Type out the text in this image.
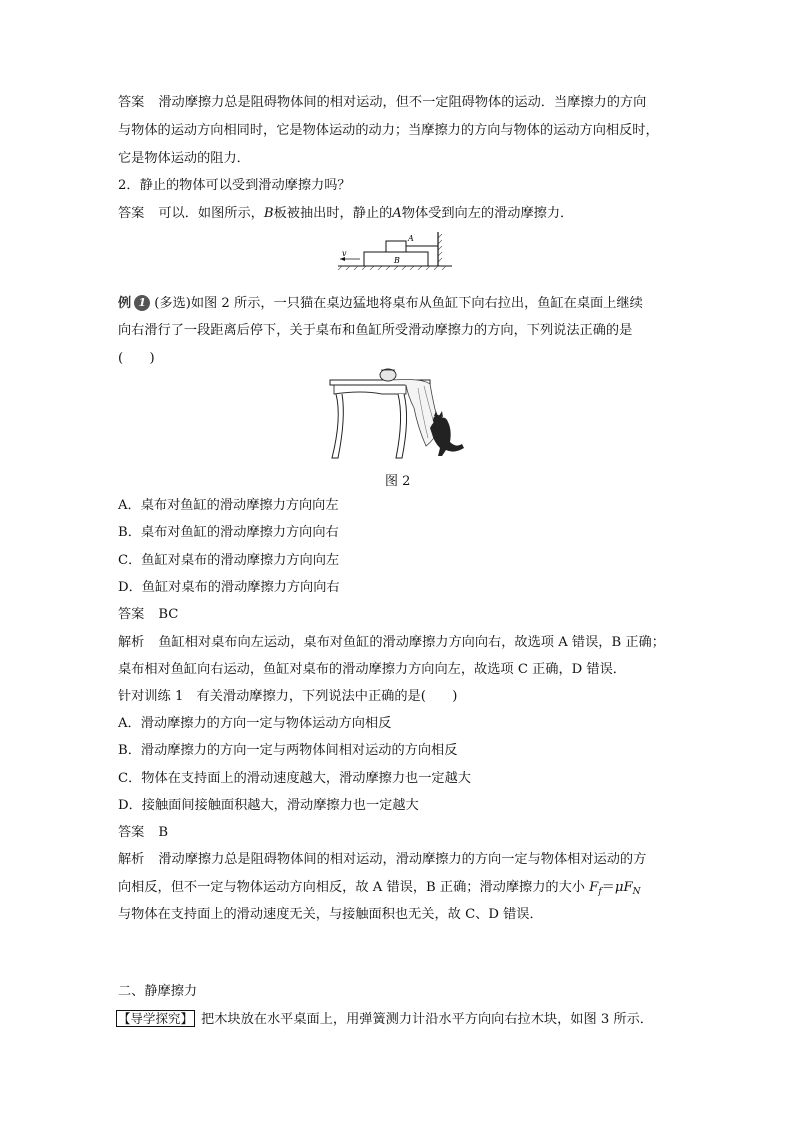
答案 滑动摩擦力总是阻碍物体间的相对运动，但不一定阻碍物体的运动．当摩擦力的方向
与物体的运动方向相同时，它是物体运动的动力；当摩擦力的方向与物体的运动方向相反时，
它是物体运动的阻力．
2．静止的物体可以受到滑动摩擦力吗？
答案 可以．如图所示，B板被抽出时，静止的A物体受到向左的滑动摩擦力．
A
B
v
例 1 (多选)如图 2 所示，一只猫在桌边猛地将桌布从鱼缸下向右拉出，鱼缸在桌面上继续
向右滑行了一段距离后停下，关于桌布和鱼缸所受滑动摩擦力的方向，下列说法正确的是
(　　)
图 2
A．桌布对鱼缸的滑动摩擦力方向向左
B．桌布对鱼缸的滑动摩擦力方向向右
C．鱼缸对桌布的滑动摩擦力方向向左
D．鱼缸对桌布的滑动摩擦力方向向右
答案 BC
解析 鱼缸相对桌布向左运动，桌布对鱼缸的滑动摩擦力方向向右，故选项 A 错误，B 正确；
桌布相对鱼缸向右运动，鱼缸对桌布的滑动摩擦力方向向左，故选项 C 正确，D 错误．
针对训练 1　有关滑动摩擦力，下列说法中正确的是(　　)
A．滑动摩擦力的方向一定与物体运动方向相反
B．滑动摩擦力的方向一定与两物体间相对运动的方向相反
C．物体在支持面上的滑动速度越大，滑动摩擦力也一定越大
D．接触面间接触面积越大，滑动摩擦力也一定越大
答案 B
解析 滑动摩擦力总是阻碍物体间的相对运动，滑动摩擦力的方向一定与物体相对运动的方
向相反，但不一定与物体运动方向相反，故 A 错误，B 正确；滑动摩擦力的大小 $F_f=\mu F_N$
与物体在支持面上的滑动速度无关，与接触面积也无关，故 C、D 错误．
二、静摩擦力
【导学探究】 把木块放在水平桌面上，用弹簧测力计沿水平方向向右拉木块，如图 3 所示．
